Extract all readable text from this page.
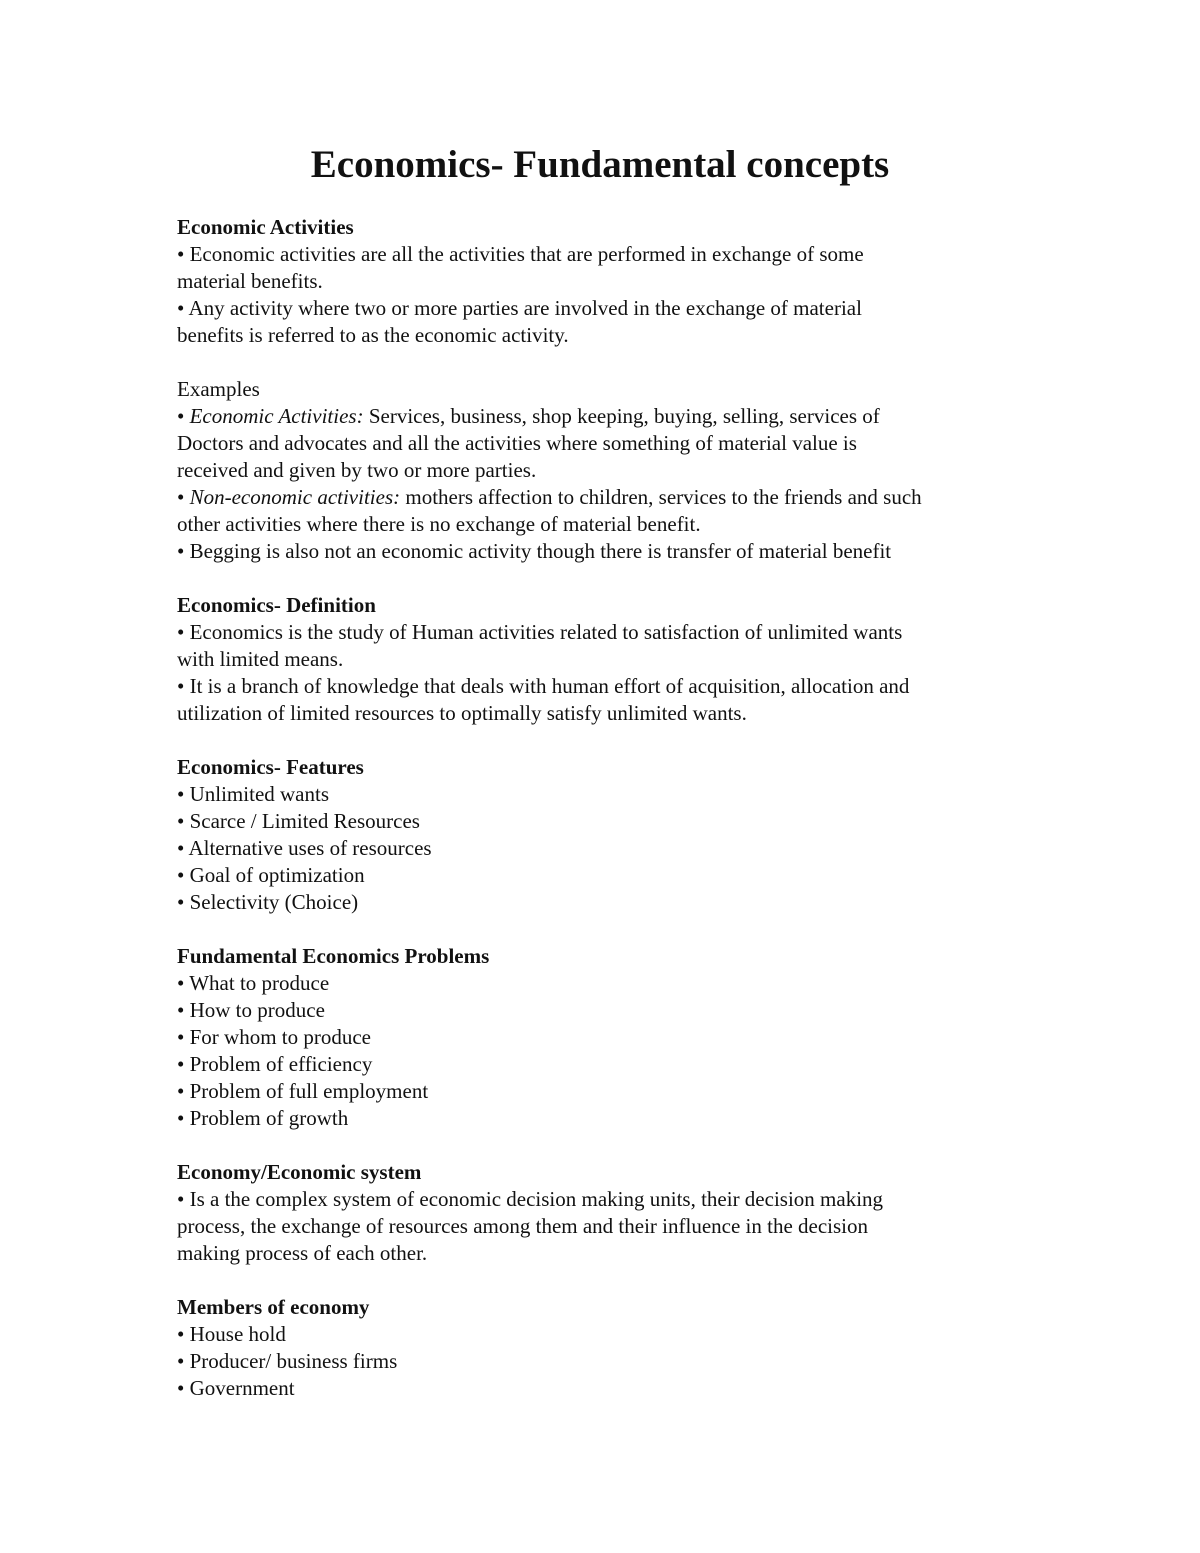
Economics- Fundamental concepts
Economic Activities
• Economic activities are all the activities that are performed in exchange of some
material benefits.
• Any activity where two or more parties are involved in the exchange of material
benefits is referred to as the economic activity.
Examples
• Economic Activities: Services, business, shop keeping, buying, selling, services of
Doctors and advocates and all the activities where something of material value is
received and given by two or more parties.
• Non-economic activities: mothers affection to children, services to the friends and such
other activities where there is no exchange of material benefit.
• Begging is also not an economic activity though there is transfer of material benefit
Economics- Definition
• Economics is the study of Human activities related to satisfaction of unlimited wants
with limited means.
• It is a branch of knowledge that deals with human effort of acquisition, allocation and
utilization of limited resources to optimally satisfy unlimited wants.
Economics- Features
• Unlimited wants
• Scarce / Limited Resources
• Alternative uses of resources
• Goal of optimization
• Selectivity (Choice)
Fundamental Economics Problems
• What to produce
• How to produce
• For whom to produce
• Problem of efficiency
• Problem of full employment
• Problem of growth
Economy/Economic system
• Is a the complex system of economic decision making units, their decision making
process, the exchange of resources among them and their influence in the decision
making process of each other.
Members of economy
• House hold
• Producer/ business firms
• Government
